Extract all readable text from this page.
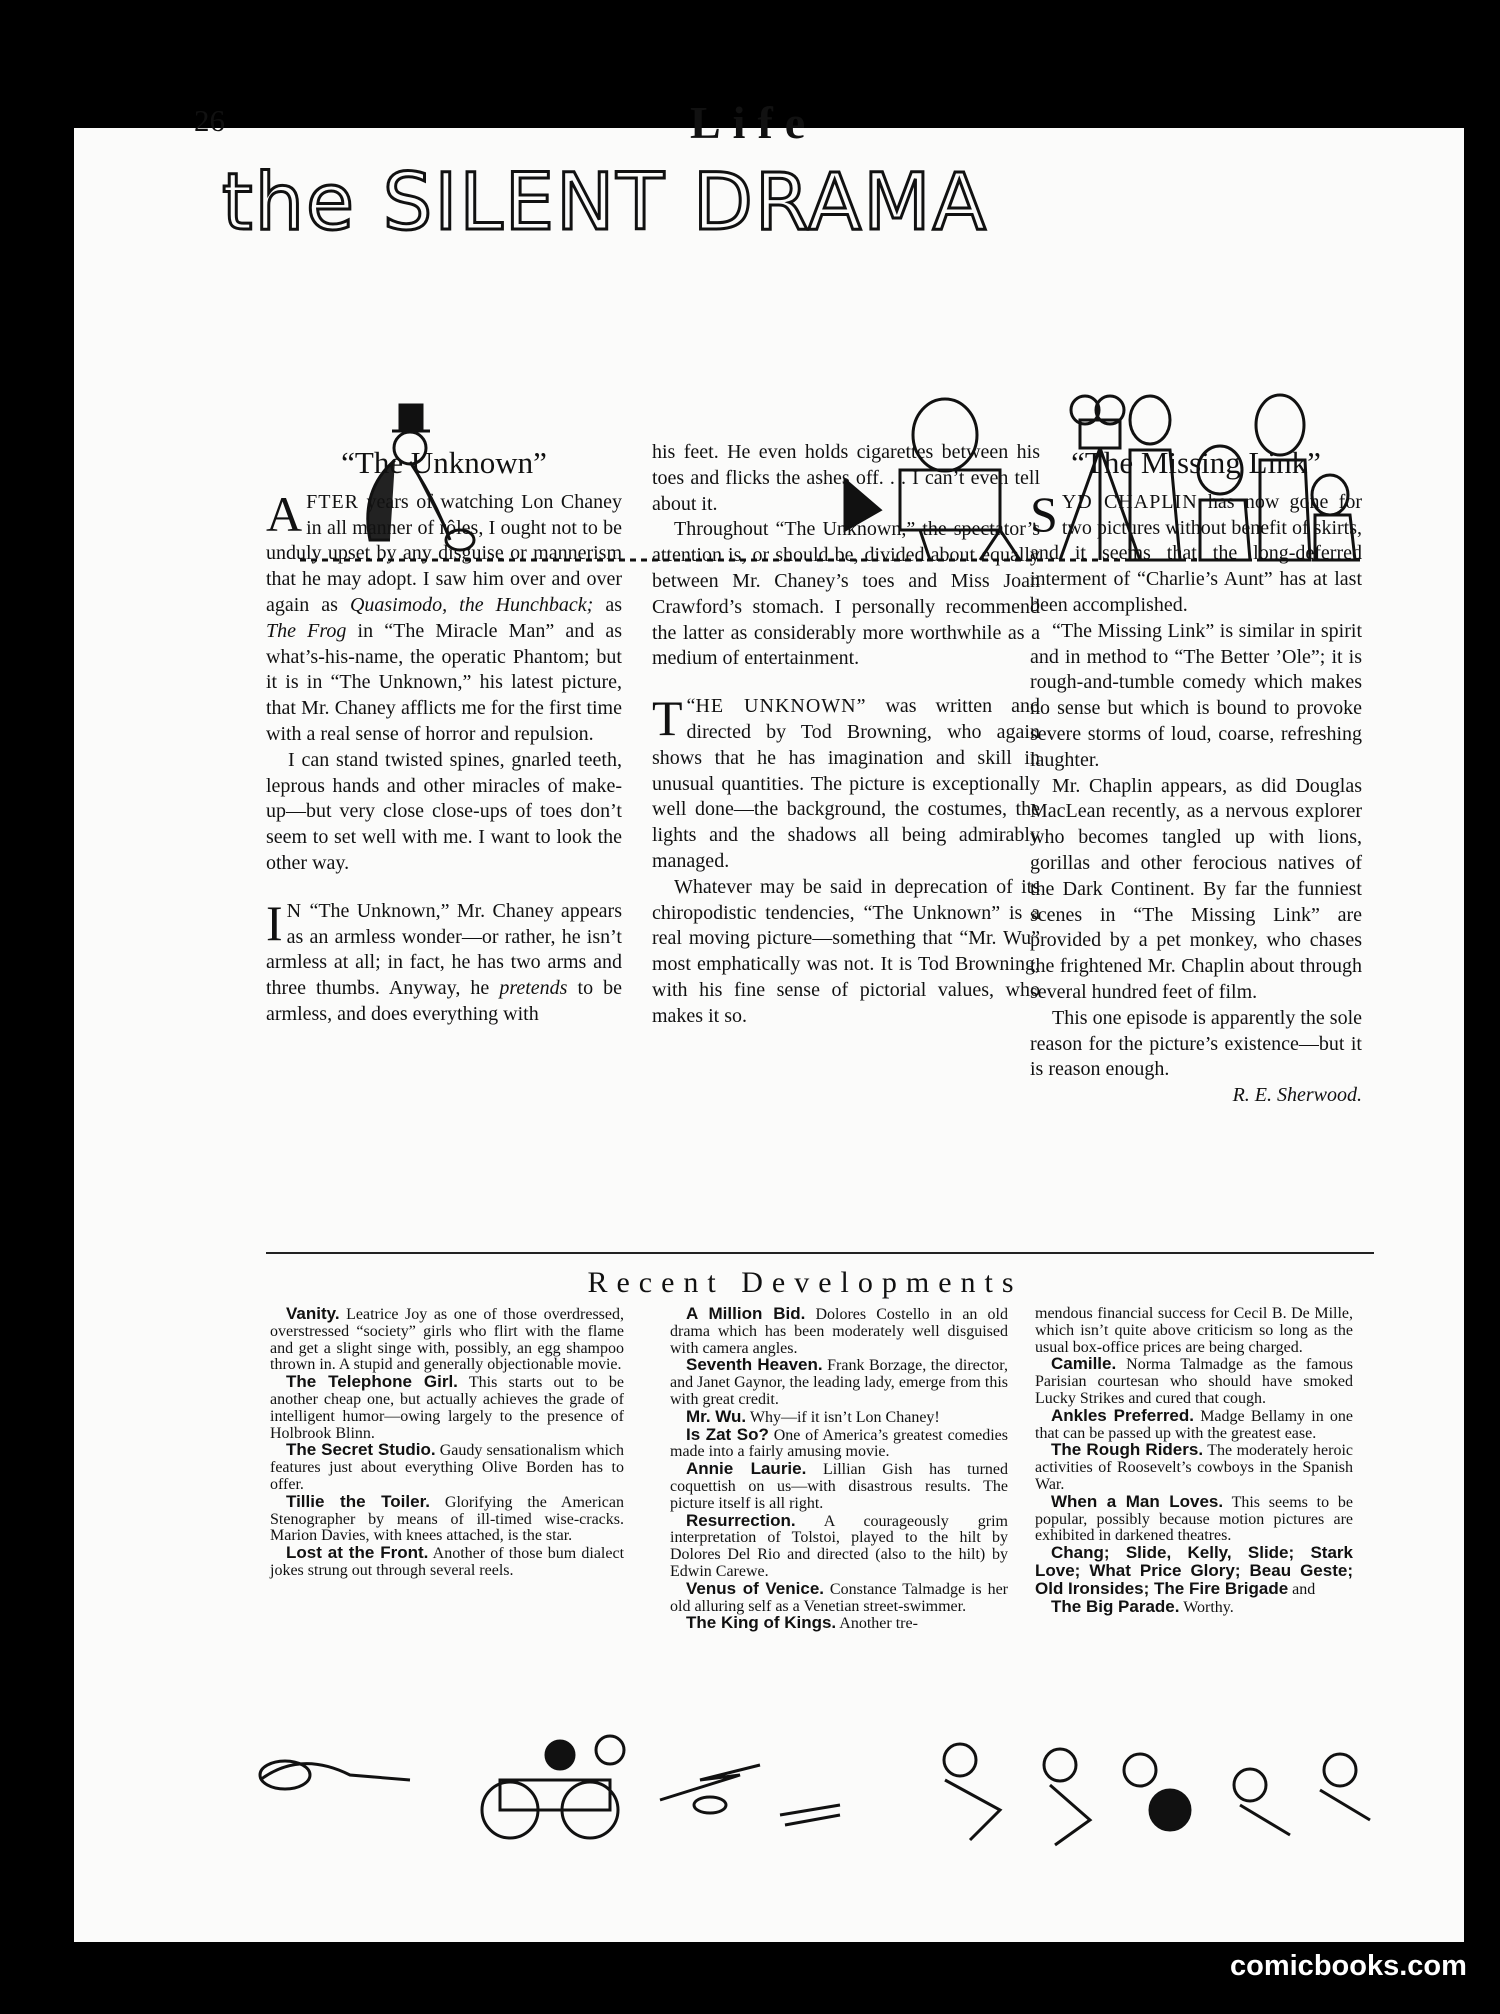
26	Life
the SILENT DRAMA
“The Unknown”

AFTER years of watching Lon Chaney in all manner of rôles, I ought not to be unduly upset by any disguise or mannerism that he may adopt. I saw him over and over again as Quasimodo, the Hunchback; as The Frog in “The Miracle Man” and as what’s-his-name, the operatic Phantom; but it is in “The Unknown,” his latest picture, that Mr. Chaney afflicts me for the first time with a real sense of horror and repulsion.

I can stand twisted spines, gnarled teeth, leprous hands and other miracles of make-up—but very close close-ups of toes don’t seem to set well with me. I want to look the other way.

I N “The Unknown,” Mr. Chaney appears as an armless wonder—or rather, he isn’t armless at all; in fact, he has two arms and three thumbs. Anyway, he pretends to be armless, and does everything with

his feet. He even holds cigarettes between his toes and flicks the ashes off. . . I can’t even tell about it.

Throughout “The Unknown,” the spectator’s attention is, or should be, divided about equally between Mr. Chaney’s toes and Miss Joan Crawford’s stomach. I personally recommend the latter as considerably more worthwhile as a medium of entertainment.

“
T HE UNKNOWN” was written and directed by Tod Browning, who again shows that he has imagination and skill in unusual quantities. The picture is exceptionally well done—the background, the costumes, the lights and the shadows all being admirably managed.

Whatever may be said in deprecation of its chiropodistic tendencies, “The Unknown” is a real moving picture—something that “Mr. Wu” most emphatically was not. It is Tod Browning, with his fine sense of pictorial values, who makes it so.

“The Missing Link”

SYD CHAPLIN has now gone for two pictures without benefit of skirts, and it seems that the long-deferred interment of “Charlie’s Aunt” has at last been accomplished.

“The Missing Link” is similar in spirit and in method to “The Better ’Ole”; it is rough-and-tumble comedy which makes no sense but which is bound to provoke severe storms of loud, coarse, refreshing laughter.

Mr. Chaplin appears, as did Douglas MacLean recently, as a nervous explorer who becomes tangled up with lions, gorillas and other ferocious natives of the Dark Continent. By far the funniest scenes in “The Missing Link” are provided by a pet monkey, who chases the frightened Mr. Chaplin about through several hundred feet of film.

This one episode is apparently the sole reason for the picture’s existence—but it is reason enough.

R. E. Sherwood.
Recent Developments

Vanity. Leatrice Joy as one of those overdressed, overstressed “society” girls who flirt with the flame and get a slight singe with, possibly, an egg shampoo thrown in. A stupid and generally objectionable movie.

The Telephone Girl. This starts out to be another cheap one, but actually achieves the grade of intelligent humor—owing largely to the presence of Holbrook Blinn.

The Secret Studio. Gaudy sensationalism which features just about everything Olive Borden has to offer.

Tillie the Toiler. Glorifying the American Stenographer by means of ill-timed wise-cracks. Marion Davies, with knees attached, is the star.

Lost at the Front. Another of those bum dialect jokes strung out through several reels.

A Million Bid. Dolores Costello in an old drama which has been moderately well disguised with camera angles.

Seventh Heaven. Frank Borzage, the director, and Janet Gaynor, the leading lady, emerge from this with great credit.

Mr. Wu. Why—if it isn’t Lon Chaney!

Is Zat So? One of America’s greatest comedies made into a fairly amusing movie.

Annie Laurie. Lillian Gish has turned coquettish on us—with disastrous results. The picture itself is all right.

Resurrection. A courageously grim interpretation of Tolstoi, played to the hilt by Dolores Del Rio and directed (also to the hilt) by Edwin Carewe.

Venus of Venice. Constance Talmadge is her old alluring self as a Venetian street-swimmer.

The King of Kings. Another tre-

mendous financial success for Cecil B. De Mille, which isn’t quite above criticism so long as the usual box-office prices are being charged.

Camille. Norma Talmadge as the famous Parisian courtesan who should have smoked Lucky Strikes and cured that cough.

Ankles Preferred. Madge Bellamy in one that can be passed up with the greatest ease.

The Rough Riders. The moderately heroic activities of Roosevelt’s cowboys in the Spanish War.

When a Man Loves. This seems to be popular, possibly because motion pictures are exhibited in darkened theatres.

Chang; Slide, Kelly, Slide; Stark Love; What Price Glory; Beau Geste; Old Ironsides; The Fire Brigade and

The Big Parade. Worthy.

comicbooks.com
